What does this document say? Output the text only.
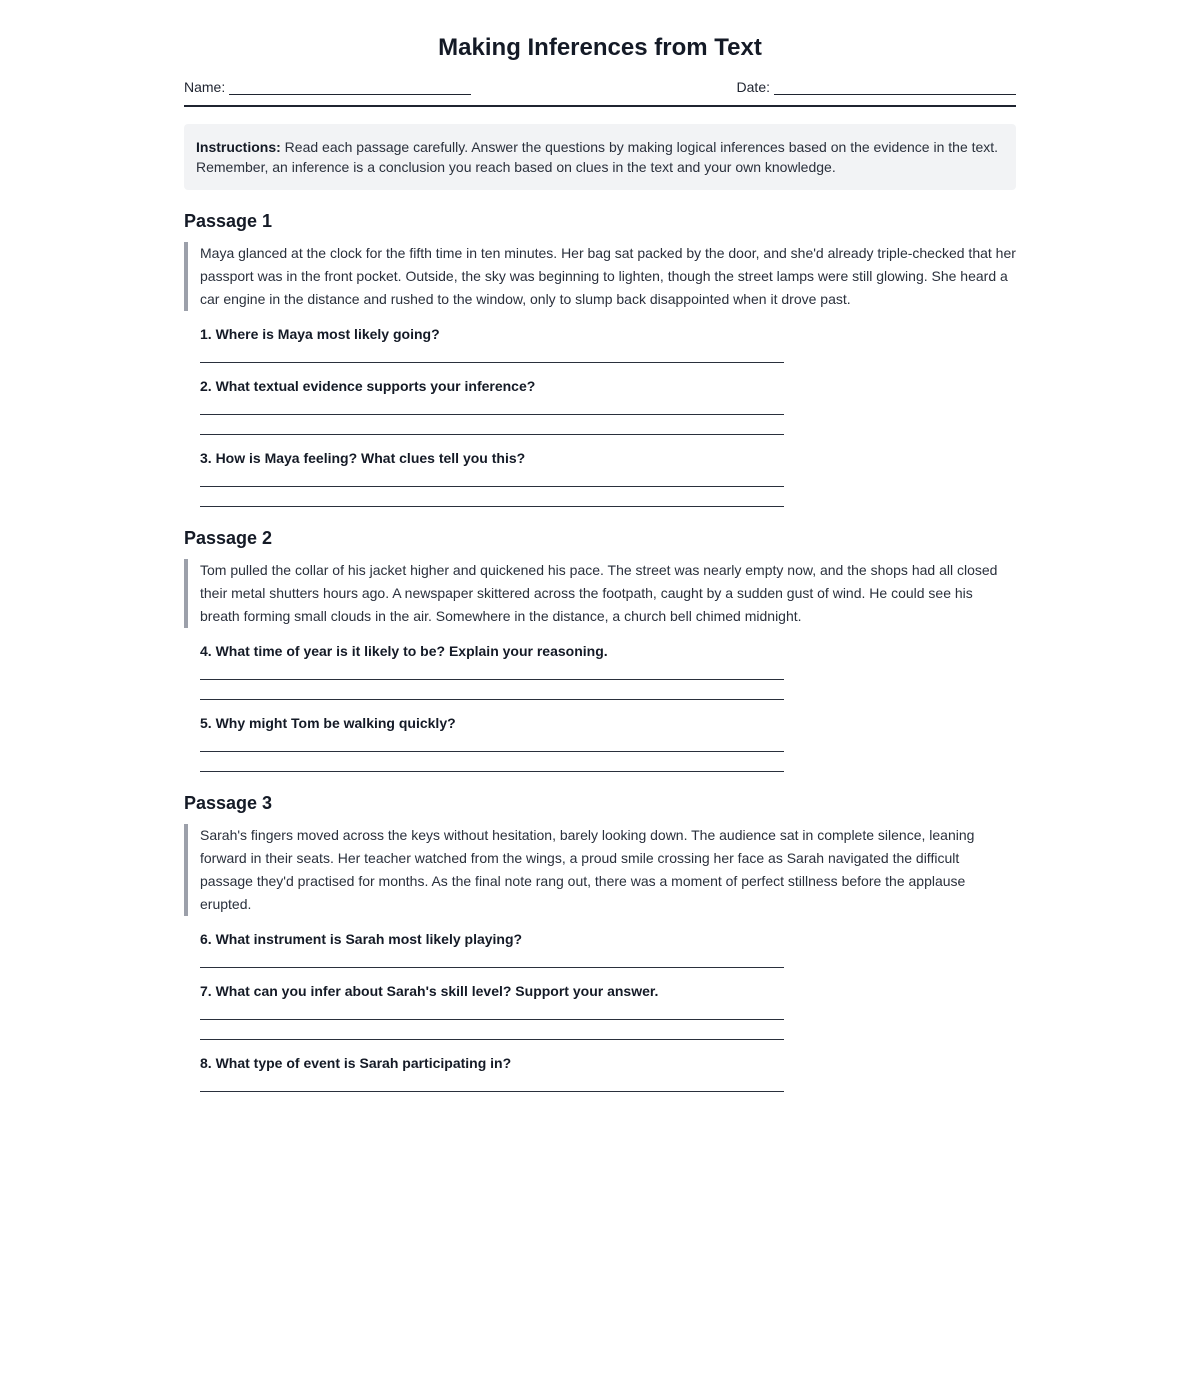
Making Inferences from Text
Name:	Date:
Instructions: Read each passage carefully. Answer the questions by making logical inferences based on the evidence in the text. Remember, an inference is a conclusion you reach based on clues in the text and your own knowledge.
Passage 1
Maya glanced at the clock for the fifth time in ten minutes. Her bag sat packed by the door, and she'd already triple-checked that her passport was in the front pocket. Outside, the sky was beginning to lighten, though the street lamps were still glowing. She heard a car engine in the distance and rushed to the window, only to slump back disappointed when it drove past.
1. Where is Maya most likely going?
2. What textual evidence supports your inference?
3. How is Maya feeling? What clues tell you this?
Passage 2
Tom pulled the collar of his jacket higher and quickened his pace. The street was nearly empty now, and the shops had all closed their metal shutters hours ago. A newspaper skittered across the footpath, caught by a sudden gust of wind. He could see his breath forming small clouds in the air. Somewhere in the distance, a church bell chimed midnight.
4. What time of year is it likely to be? Explain your reasoning.
5. Why might Tom be walking quickly?
Passage 3
Sarah's fingers moved across the keys without hesitation, barely looking down. The audience sat in complete silence, leaning forward in their seats. Her teacher watched from the wings, a proud smile crossing her face as Sarah navigated the difficult passage they'd practised for months. As the final note rang out, there was a moment of perfect stillness before the applause erupted.
6. What instrument is Sarah most likely playing?
7. What can you infer about Sarah's skill level? Support your answer.
8. What type of event is Sarah participating in?
